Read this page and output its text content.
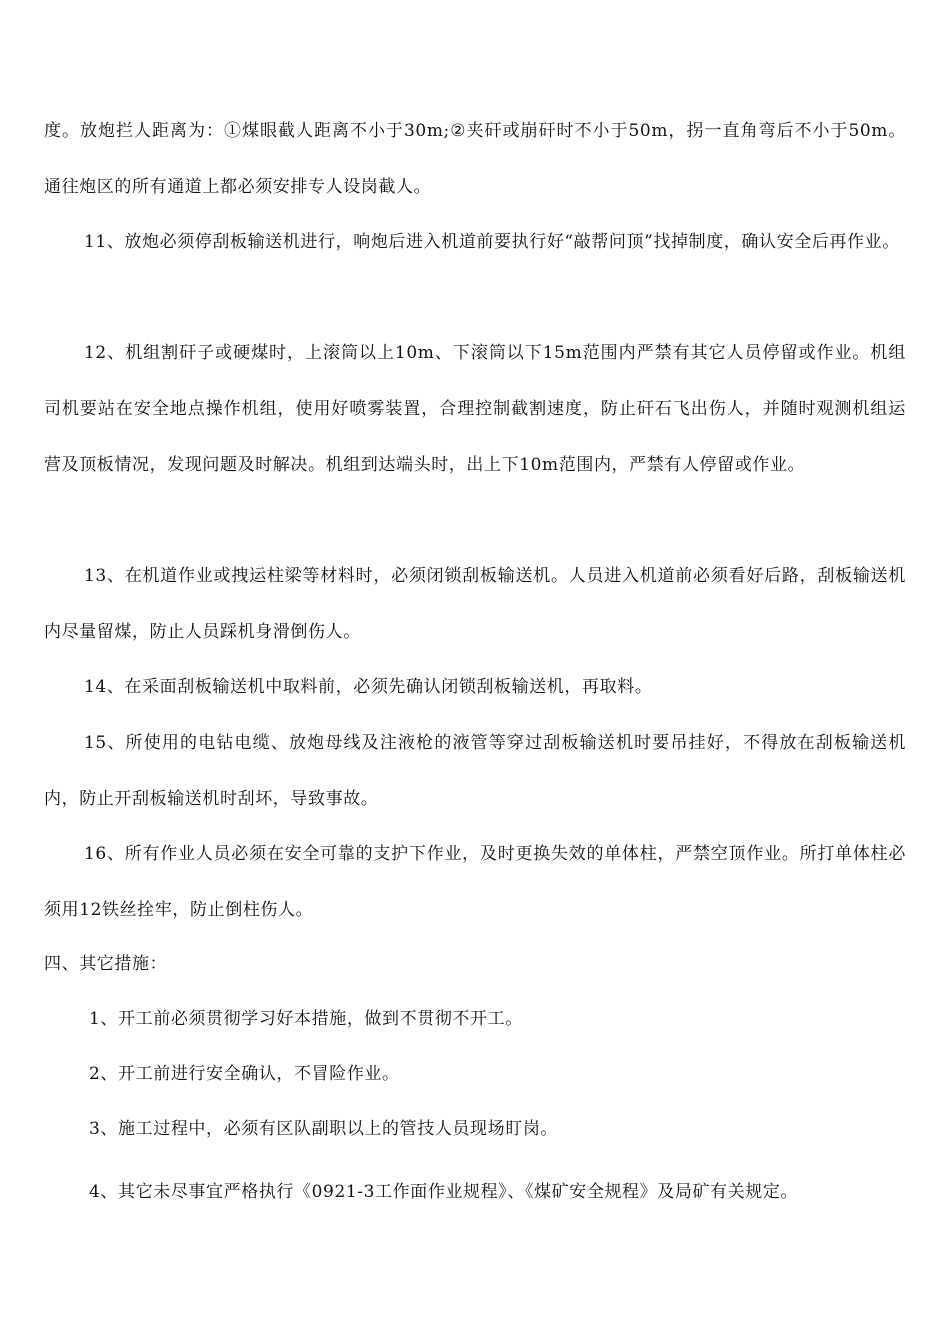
度。放炮拦人距离为：①煤眼截人距离不小于30m;②夹矸或崩矸时不小于50m，拐一直角弯后不小于50m。通往炮区的所有通道上都必须安排专人设岗截人。

11、放炮必须停刮板输送机进行，响炮后进入机道前要执行好“敲帮问顶”找掉制度，确认安全后再作业。

12、机组割矸子或硬煤时，上滚筒以上10m、下滚筒以下15m范围内严禁有其它人员停留或作业。机组司机要站在安全地点操作机组，使用好喷雾装置，合理控制截割速度，防止矸石飞出伤人，并随时观测机组运营及顶板情况，发现问题及时解决。机组到达端头时，出上下10m范围内，严禁有人停留或作业。

13、在机道作业或拽运柱梁等材料时，必须闭锁刮板输送机。人员进入机道前必须看好后路，刮板输送机内尽量留煤，防止人员踩机身滑倒伤人。

14、在采面刮板输送机中取料前，必须先确认闭锁刮板输送机，再取料。

15、所使用的电钻电缆、放炮母线及注液枪的液管等穿过刮板输送机时要吊挂好，不得放在刮板输送机内，防止开刮板输送机时刮坏，导致事故。

16、所有作业人员必须在安全可靠的支护下作业，及时更换失效的单体柱，严禁空顶作业。所打单体柱必须用12铁丝拴牢，防止倒柱伤人。

四、其它措施：

1、开工前必须贯彻学习好本措施，做到不贯彻不开工。

2、开工前进行安全确认，不冒险作业。

3、施工过程中，必须有区队副职以上的管技人员现场盯岗。

4、其它未尽事宜严格执行《0921-3工作面作业规程》、《煤矿安全规程》及局矿有关规定。
